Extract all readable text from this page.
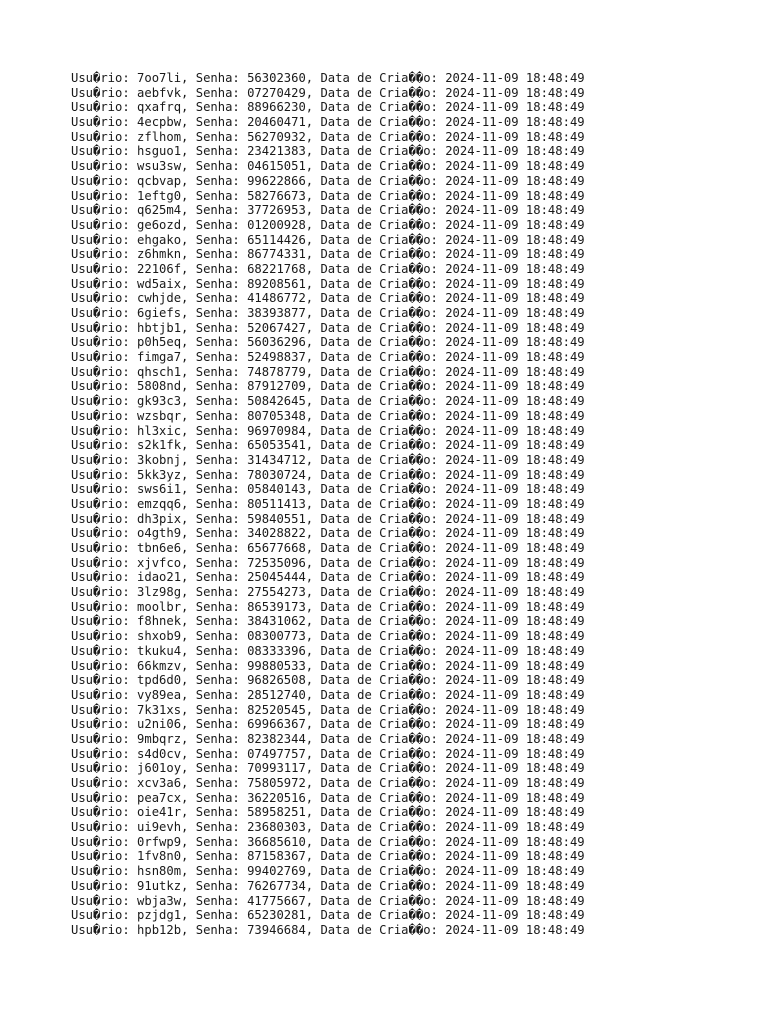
Usu�rio: 7oo7li, Senha: 56302360, Data de Cria��o: 2024-11-09 18:48:49
Usu�rio: aebfvk, Senha: 07270429, Data de Cria��o: 2024-11-09 18:48:49
Usu�rio: qxafrq, Senha: 88966230, Data de Cria��o: 2024-11-09 18:48:49
Usu�rio: 4ecpbw, Senha: 20460471, Data de Cria��o: 2024-11-09 18:48:49
Usu�rio: zflhom, Senha: 56270932, Data de Cria��o: 2024-11-09 18:48:49
Usu�rio: hsguo1, Senha: 23421383, Data de Cria��o: 2024-11-09 18:48:49
Usu�rio: wsu3sw, Senha: 04615051, Data de Cria��o: 2024-11-09 18:48:49
Usu�rio: qcbvap, Senha: 99622866, Data de Cria��o: 2024-11-09 18:48:49
Usu�rio: 1eftg0, Senha: 58276673, Data de Cria��o: 2024-11-09 18:48:49
Usu�rio: q625m4, Senha: 37726953, Data de Cria��o: 2024-11-09 18:48:49
Usu�rio: ge6ozd, Senha: 01200928, Data de Cria��o: 2024-11-09 18:48:49
Usu�rio: ehgako, Senha: 65114426, Data de Cria��o: 2024-11-09 18:48:49
Usu�rio: z6hmkn, Senha: 86774331, Data de Cria��o: 2024-11-09 18:48:49
Usu�rio: 22106f, Senha: 68221768, Data de Cria��o: 2024-11-09 18:48:49
Usu�rio: wd5aix, Senha: 89208561, Data de Cria��o: 2024-11-09 18:48:49
Usu�rio: cwhjde, Senha: 41486772, Data de Cria��o: 2024-11-09 18:48:49
Usu�rio: 6giefs, Senha: 38393877, Data de Cria��o: 2024-11-09 18:48:49
Usu�rio: hbtjb1, Senha: 52067427, Data de Cria��o: 2024-11-09 18:48:49
Usu�rio: p0h5eq, Senha: 56036296, Data de Cria��o: 2024-11-09 18:48:49
Usu�rio: fimga7, Senha: 52498837, Data de Cria��o: 2024-11-09 18:48:49
Usu�rio: qhsch1, Senha: 74878779, Data de Cria��o: 2024-11-09 18:48:49
Usu�rio: 5808nd, Senha: 87912709, Data de Cria��o: 2024-11-09 18:48:49
Usu�rio: gk93c3, Senha: 50842645, Data de Cria��o: 2024-11-09 18:48:49
Usu�rio: wzsbqr, Senha: 80705348, Data de Cria��o: 2024-11-09 18:48:49
Usu�rio: hl3xic, Senha: 96970984, Data de Cria��o: 2024-11-09 18:48:49
Usu�rio: s2k1fk, Senha: 65053541, Data de Cria��o: 2024-11-09 18:48:49
Usu�rio: 3kobnj, Senha: 31434712, Data de Cria��o: 2024-11-09 18:48:49
Usu�rio: 5kk3yz, Senha: 78030724, Data de Cria��o: 2024-11-09 18:48:49
Usu�rio: sws6i1, Senha: 05840143, Data de Cria��o: 2024-11-09 18:48:49
Usu�rio: emzqq6, Senha: 80511413, Data de Cria��o: 2024-11-09 18:48:49
Usu�rio: dh3pix, Senha: 59840551, Data de Cria��o: 2024-11-09 18:48:49
Usu�rio: o4gth9, Senha: 34028822, Data de Cria��o: 2024-11-09 18:48:49
Usu�rio: tbn6e6, Senha: 65677668, Data de Cria��o: 2024-11-09 18:48:49
Usu�rio: xjvfco, Senha: 72535096, Data de Cria��o: 2024-11-09 18:48:49
Usu�rio: idao21, Senha: 25045444, Data de Cria��o: 2024-11-09 18:48:49
Usu�rio: 3lz98g, Senha: 27554273, Data de Cria��o: 2024-11-09 18:48:49
Usu�rio: moolbr, Senha: 86539173, Data de Cria��o: 2024-11-09 18:48:49
Usu�rio: f8hnek, Senha: 38431062, Data de Cria��o: 2024-11-09 18:48:49
Usu�rio: shxob9, Senha: 08300773, Data de Cria��o: 2024-11-09 18:48:49
Usu�rio: tkuku4, Senha: 08333396, Data de Cria��o: 2024-11-09 18:48:49
Usu�rio: 66kmzv, Senha: 99880533, Data de Cria��o: 2024-11-09 18:48:49
Usu�rio: tpd6d0, Senha: 96826508, Data de Cria��o: 2024-11-09 18:48:49
Usu�rio: vy89ea, Senha: 28512740, Data de Cria��o: 2024-11-09 18:48:49
Usu�rio: 7k31xs, Senha: 82520545, Data de Cria��o: 2024-11-09 18:48:49
Usu�rio: u2ni06, Senha: 69966367, Data de Cria��o: 2024-11-09 18:48:49
Usu�rio: 9mbqrz, Senha: 82382344, Data de Cria��o: 2024-11-09 18:48:49
Usu�rio: s4d0cv, Senha: 07497757, Data de Cria��o: 2024-11-09 18:48:49
Usu�rio: j601oy, Senha: 70993117, Data de Cria��o: 2024-11-09 18:48:49
Usu�rio: xcv3a6, Senha: 75805972, Data de Cria��o: 2024-11-09 18:48:49
Usu�rio: pea7cx, Senha: 36220516, Data de Cria��o: 2024-11-09 18:48:49
Usu�rio: oie41r, Senha: 58958251, Data de Cria��o: 2024-11-09 18:48:49
Usu�rio: ui9evh, Senha: 23680303, Data de Cria��o: 2024-11-09 18:48:49
Usu�rio: 0rfwp9, Senha: 36685610, Data de Cria��o: 2024-11-09 18:48:49
Usu�rio: 1fv8n0, Senha: 87158367, Data de Cria��o: 2024-11-09 18:48:49
Usu�rio: hsn80m, Senha: 99402769, Data de Cria��o: 2024-11-09 18:48:49
Usu�rio: 91utkz, Senha: 76267734, Data de Cria��o: 2024-11-09 18:48:49
Usu�rio: wbja3w, Senha: 41775667, Data de Cria��o: 2024-11-09 18:48:49
Usu�rio: pzjdg1, Senha: 65230281, Data de Cria��o: 2024-11-09 18:48:49
Usu�rio: hpb12b, Senha: 73946684, Data de Cria��o: 2024-11-09 18:48:49
